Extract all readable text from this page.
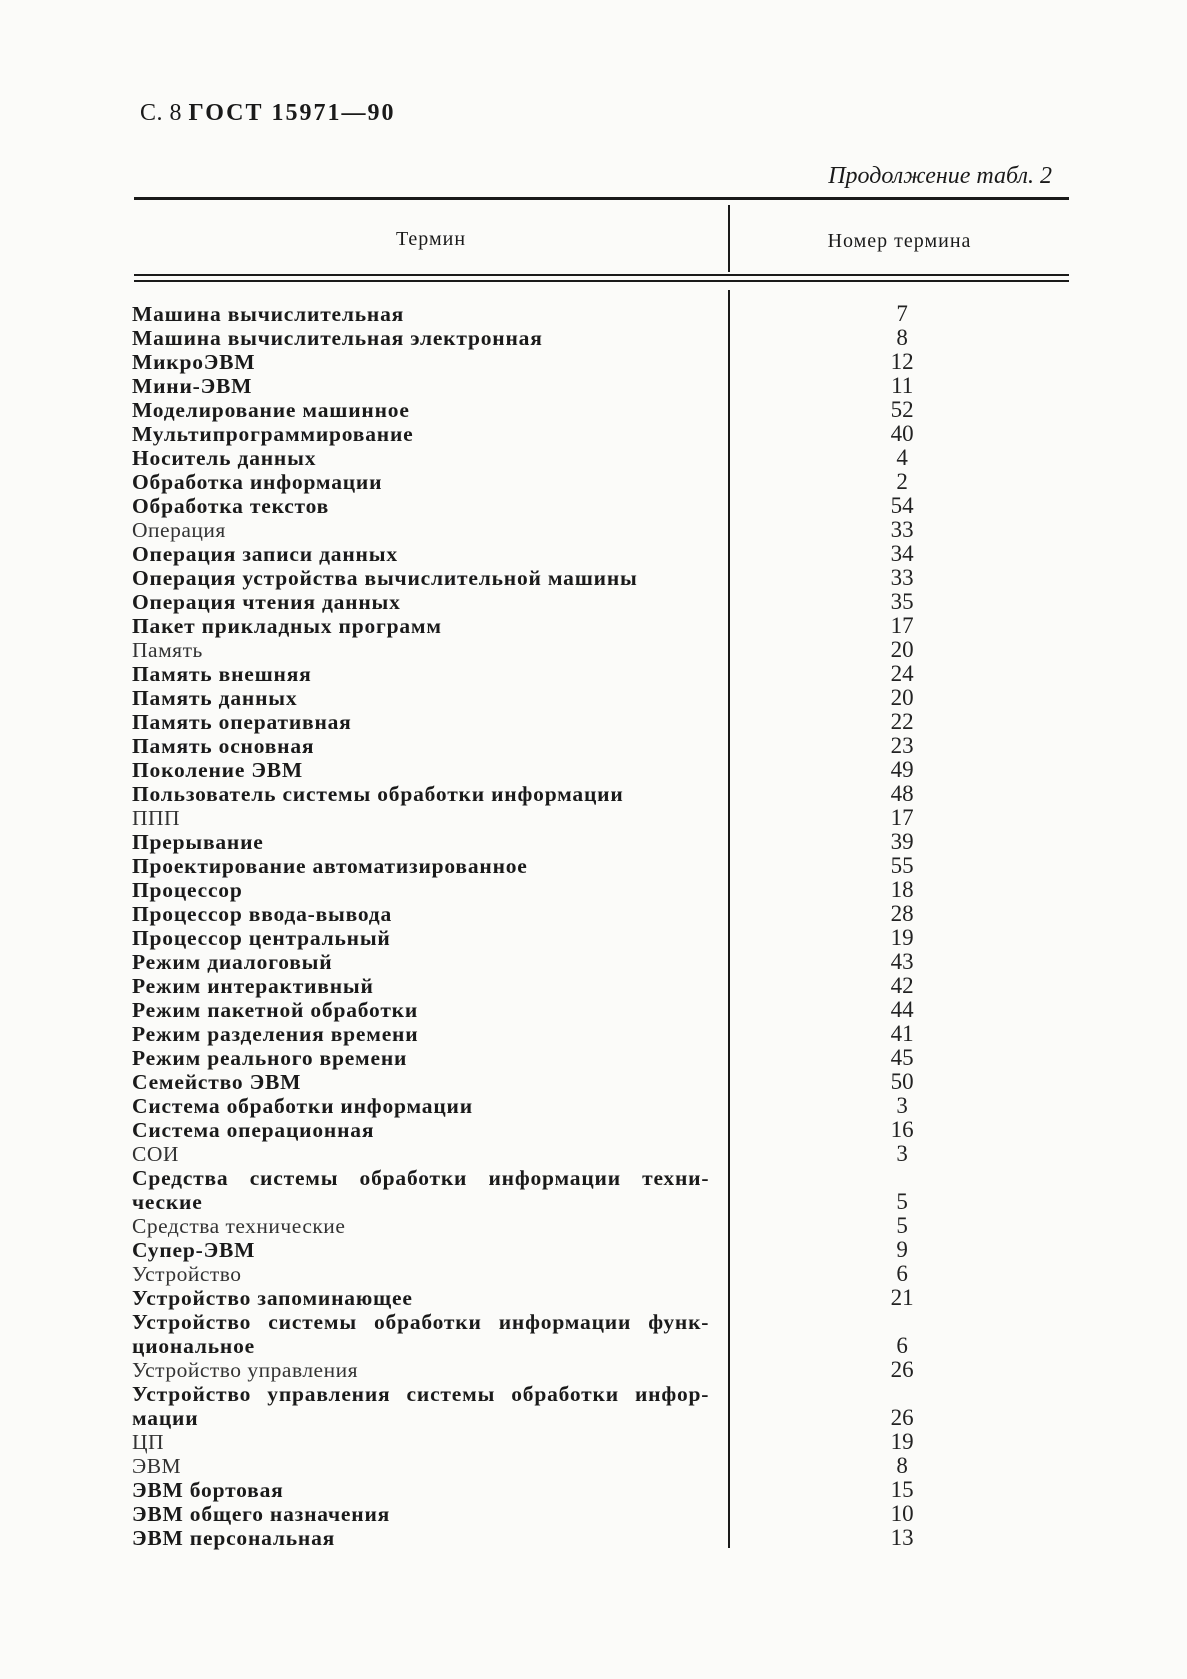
С. 8 ГОСТ 15971—90
Продолжение табл. 2
Термин	Номер термина
Машина вычислительная	7
Машина вычислительная электронная	8
МикроЭВМ	12
Мини-ЭВМ	11
Моделирование машинное	52
Мультипрограммирование	40
Носитель данных	4
Обработка информации	2
Обработка текстов	54
Операция	33
Операция записи данных	34
Операция устройства вычислительной машины	33
Операция чтения данных	35
Пакет прикладных программ	17
Память	20
Память внешняя	24
Память данных	20
Память оперативная	22
Память основная	23
Поколение ЭВМ	49
Пользователь системы обработки информации	48
ППП	17
Прерывание	39
Проектирование автоматизированное	55
Процессор	18
Процессор ввода-вывода	28
Процессор центральный	19
Режим диалоговый	43
Режим интерактивный	42
Режим пакетной обработки	44
Режим разделения времени	41
Режим реального времени	45
Семейство ЭВМ	50
Система обработки информации	3
Система операционная	16
СОИ	3
Средства системы обработки информации техни-ческие	5
Средства технические	5
Супер-ЭВМ	9
Устройство	6
Устройство запоминающее	21
Устройство системы обработки информации функ-циональное	6
Устройство управления	26
Устройство управления системы обработки инфор-мации	26
ЦП	19
ЭВМ	8
ЭВМ бортовая	15
ЭВМ общего назначения	10
ЭВМ персональная	13
